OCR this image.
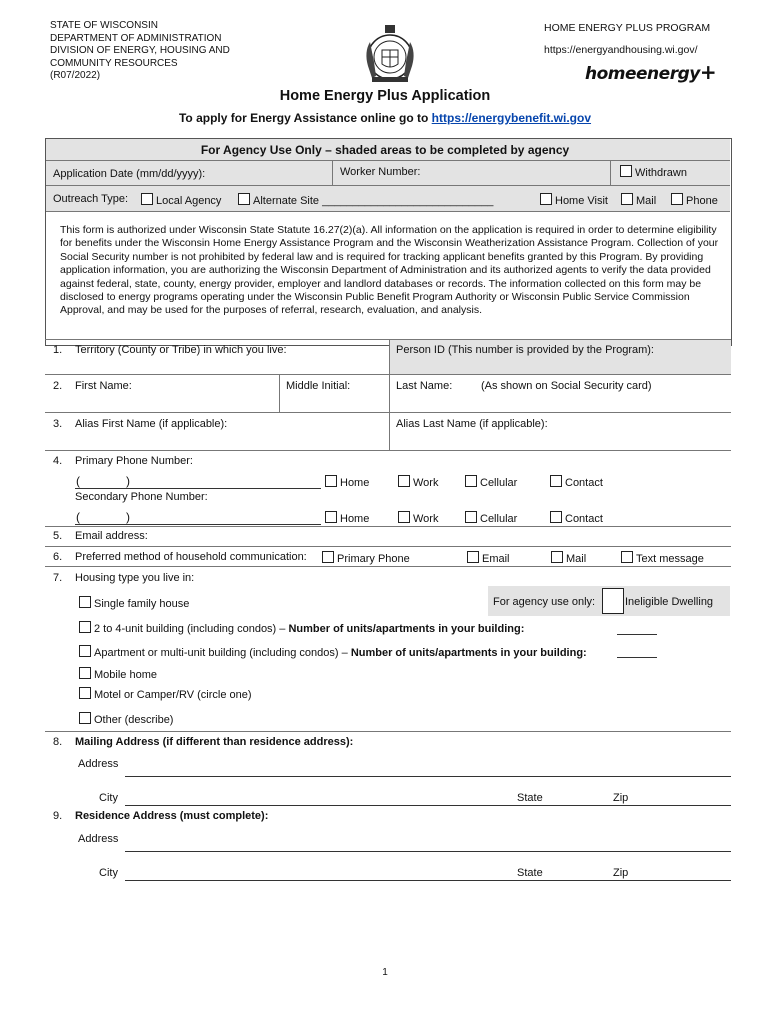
STATE OF WISCONSIN
DEPARTMENT OF ADMINISTRATION
DIVISION OF ENERGY, HOUSING AND
COMMUNITY RESOURCES
(R07/2022)
HOME ENERGY PLUS PROGRAM
https://energyandhousing.wi.gov/
homeenergy+
Home Energy Plus Application
To apply for Energy Assistance online go to https://energybenefit.wi.gov
For Agency Use Only – shaded areas to be completed by agency
Application Date (mm/dd/yyyy):	Worker Number:	Withdrawn
Outreach Type:	Local Agency	Alternate Site ____________________________	Home Visit	Mail	Phone
This form is authorized under Wisconsin State Statute 16.27(2)(a). All information on the application is required in order to determine eligibility for benefits under the Wisconsin Home Energy Assistance Program and the Wisconsin Weatherization Assistance Program. Collection of your Social Security number is not prohibited by federal law and is required for tracking applicant benefits granted by this Program. By providing application information, you are authorizing the Wisconsin Department of Administration and its authorized agents to verify the data provided against federal, state, county, energy provider, employer and landlord databases or records. The information collected on this form may be disclosed to energy programs operating under the Wisconsin Public Benefit Program Authority or Wisconsin Public Service Commission Approval, and may be used for the purposes of referral, research, evaluation, and analysis.
1. Territory (County or Tribe) in which you live:	Person ID (This number is provided by the Program):
2. First Name:	Middle Initial:	Last Name:	(As shown on Social Security card)
3. Alias First Name (if applicable):	Alias Last Name (if applicable):
4. Primary Phone Number:
(	)	Home	Work	Cellular	Contact
Secondary Phone Number:
(	)	Home	Work	Cellular	Contact
5. Email address:
6. Preferred method of household communication:	Primary Phone	Email	Mail	Text message
7. Housing type you live in:
Single family house	For agency use only:	Ineligible Dwelling
2 to 4-unit building (including condos) – Number of units/apartments in your building:
Apartment or multi-unit building (including condos) – Number of units/apartments in your building:
Mobile home
Motel or Camper/RV (circle one)
Other (describe)
8. Mailing Address (if different than residence address):
Address
City	State	Zip
9. Residence Address (must complete):
Address
City	State	Zip
1
